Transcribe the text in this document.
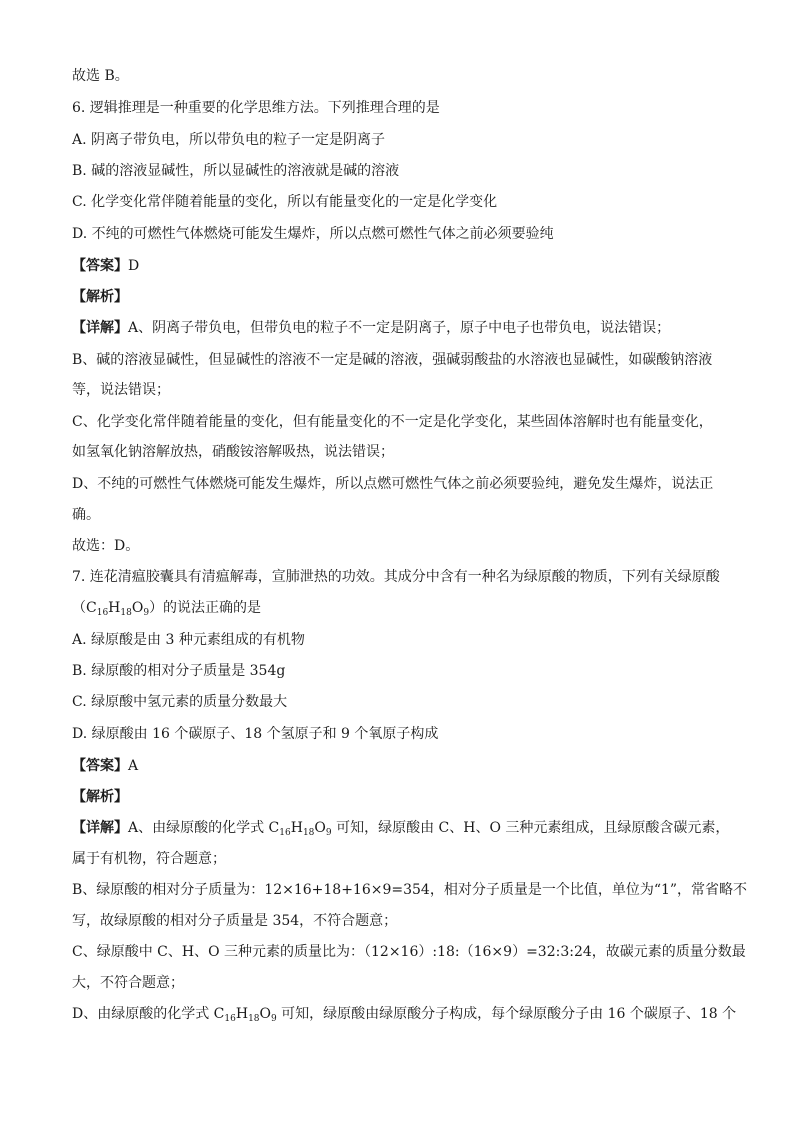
故选 B。
6. 逻辑推理是一种重要的化学思维方法。下列推理合理的是
A. 阴离子带负电，所以带负电的粒子一定是阴离子
B. 碱的溶液显碱性，所以显碱性的溶液就是碱的溶液
C. 化学变化常伴随着能量的变化，所以有能量变化的一定是化学变化
D. 不纯的可燃性气体燃烧可能发生爆炸，所以点燃可燃性气体之前必须要验纯
【答案】D
【解析】
【详解】A、阴离子带负电，但带负电的粒子不一定是阴离子，原子中电子也带负电，说法错误；
B、碱的溶液显碱性，但显碱性的溶液不一定是碱的溶液，强碱弱酸盐的水溶液也显碱性，如碳酸钠溶液
等，说法错误；
C、化学变化常伴随着能量的变化，但有能量变化的不一定是化学变化，某些固体溶解时也有能量变化，
如氢氧化钠溶解放热，硝酸铵溶解吸热，说法错误；
D、不纯的可燃性气体燃烧可能发生爆炸，所以点燃可燃性气体之前必须要验纯，避免发生爆炸，说法正
确。
故选：D。
7. 连花清瘟胶囊具有清瘟解毒，宣肺泄热的功效。其成分中含有一种名为绿原酸的物质，下列有关绿原酸
$(C_{16}H_{18}O_9)$的说法正确的是
A. 绿原酸是由 3 种元素组成的有机物
B. 绿原酸的相对分子质量是 354g
C. 绿原酸中氢元素的质量分数最大
D. 绿原酸由 16 个碳原子、18 个氢原子和 9 个氧原子构成
【答案】A
【解析】
【详解】A、由绿原酸的化学式 $C_{16}H_{18}O_9$ 可知，绿原酸由 C、H、O 三种元素组成，且绿原酸含碳元素，
属于有机物，符合题意；
B、绿原酸的相对分子质量为：12×16+18+16×9=354，相对分子质量是一个比值，单位为“1”，常省略不
写，故绿原酸的相对分子质量是 354，不符合题意；
C、绿原酸中 C、H、O 三种元素的质量比为：（12×16）:18:（16×9）=32:3:24，故碳元素的质量分数最
大，不符合题意；
D、由绿原酸的化学式 $C_{16}H_{18}O_9$ 可知，绿原酸由绿原酸分子构成，每个绿原酸分子由 16 个碳原子、18 个
